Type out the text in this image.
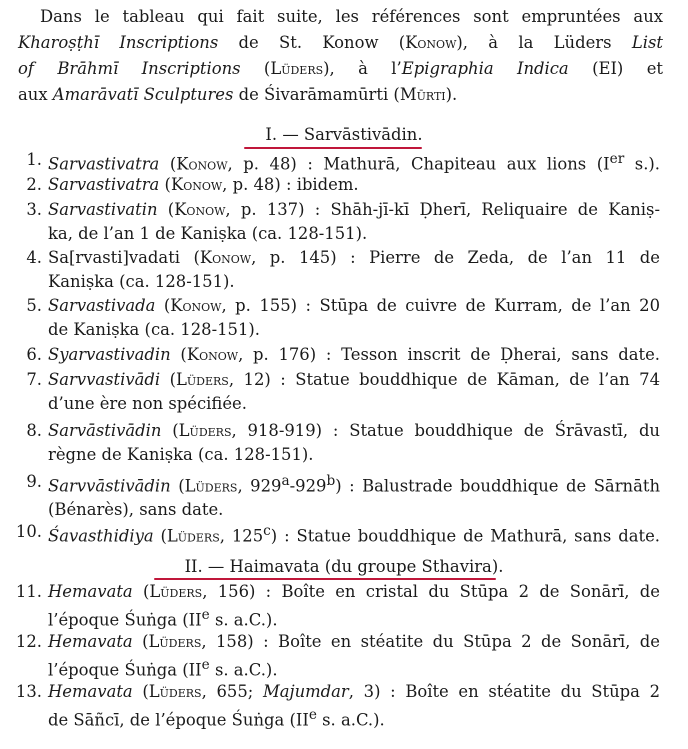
Dans le tableau qui fait suite, les références sont empruntées aux
Kharoṣṭhī Inscriptions de St. Konow (Konow), à la Lüders List
of Brāhmī Inscriptions (Lüders), à l’Epigraphia Indica (EI) et
aux Amarāvatī Sculptures de Śivarāmamūrti (Mūrti).
I. — Sarvāstivādin.
1. Sarvastivatra (Konow, p. 48) : Mathurā, Chapiteau aux lions (Ier s.).
2. Sarvastivatra (Konow, p. 48) : ibidem.
3. Sarvastivatin (Konow, p. 137) : Shāh-jī-kī Ḍherī, Reliquaire de Kaniṣ-
ka, de l’an 1 de Kaniṣka (ca. 128-151).
4. Sa[rvasti]vadati (Konow, p. 145) : Pierre de Zeda, de l’an 11 de
Kaniṣka (ca. 128-151).
5. Sarvastivada (Konow, p. 155) : Stūpa de cuivre de Kurram, de l’an 20
de Kaniṣka (ca. 128-151).
6. Syarvastivadin (Konow, p. 176) : Tesson inscrit de Ḍherai, sans date.
7. Sarvvastivādi (Lüders, 12) : Statue bouddhique de Kāman, de l’an 74
d’une ère non spécifiée.
8. Sarvāstivādin (Lüders, 918-919) : Statue bouddhique de Śrāvastī, du
règne de Kaniṣka (ca. 128-151).
9. Sarvvāstivādin (Lüders, 929$^a$-929$^b$) : Balustrade bouddhique de Sārnāth
(Bénarès), sans date.
10. Śavasthidiya (Lüders, 125$^c$) : Statue bouddhique de Mathurā, sans date.
II. — Haimavata (du groupe Sthavira).
11. Hemavata (Lüders, 156) : Boîte en cristal du Stūpa 2 de Sonārī, de
l’époque Śuṅga (IIe s. a.C.).
12. Hemavata (Lüders, 158) : Boîte en stéatite du Stūpa 2 de Sonārī, de
l’époque Śuṅga (IIe s. a.C.).
13. Hemavata (Lüders, 655; Majumdar, 3) : Boîte en stéatite du Stūpa 2
de Sāñcī, de l’époque Śuṅga (IIe s. a.C.).
